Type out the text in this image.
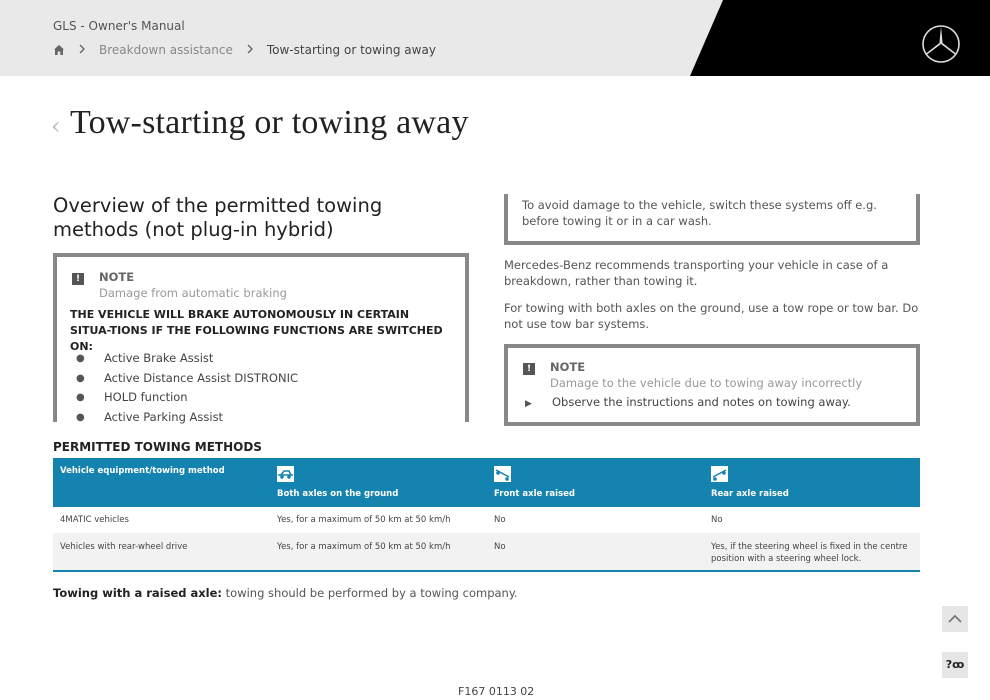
GLS - Owner's Manual
Breakdown assistance	Tow-starting or towing away
‹ Tow-starting or towing away
Overview of the permitted towing methods (not plug-in hybrid)
!	NOTE
Damage from automatic braking
THE VEHICLE WILL BRAKE AUTONOMOUSLY IN CERTAIN SITUA-TIONS IF THE FOLLOWING FUNCTIONS ARE SWITCHED ON:
● Active Brake Assist
● Active Distance Assist DISTRONIC
● HOLD function
● Active Parking Assist

To avoid damage to the vehicle, switch these systems off e.g. before towing it or in a car wash.

Mercedes-Benz recommends transporting your vehicle in case of a breakdown, rather than towing it.

For towing with both axles on the ground, use a tow rope or tow bar. Do not use tow bar systems.

!	NOTE
Damage to the vehicle due to towing away incorrectly
▶ Observe the instructions and notes on towing away.
PERMITTED TOWING METHODS
Vehicle equipment/towing method	Both axles on the ground	Front axle raised	Rear axle raised
4MATIC vehicles	Yes, for a maximum of 50 km at 50 km/h	No	No
Vehicles with rear-wheel drive	Yes, for a maximum of 50 km at 50 km/h	No	Yes, if the steering wheel is fixed in the centre position with a steering wheel lock.

Towing with a raised axle: towing should be performed by a towing company.

?ꝏ
F167 0113 02
